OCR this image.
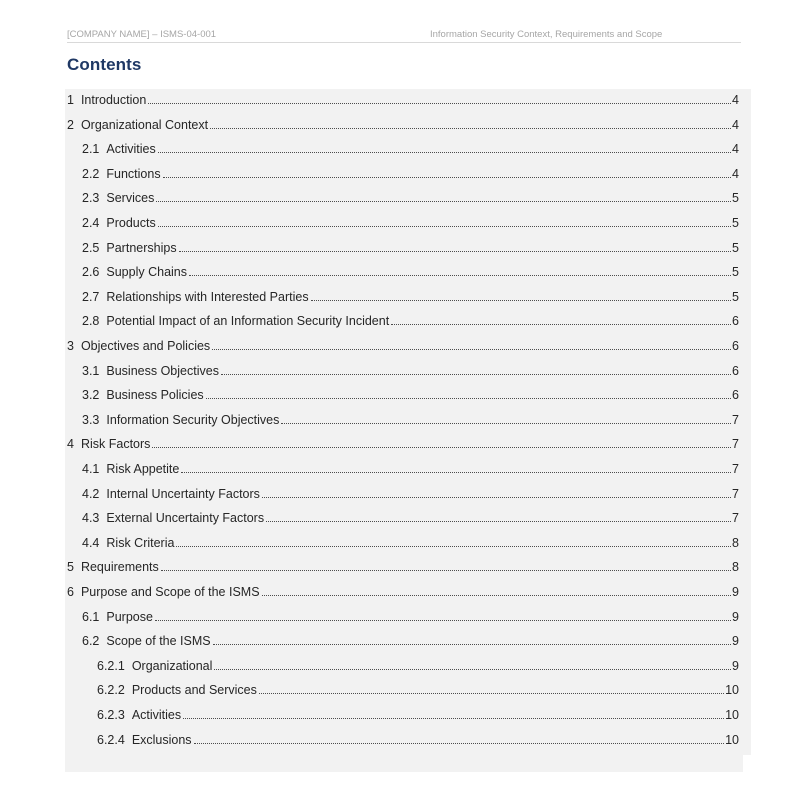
[COMPANY NAME] – ISMS-04-001	Information Security Context, Requirements and Scope
Contents
1 Introduction	4
2 Organizational Context	4
2.1 Activities	4
2.2 Functions	4
2.3 Services	5
2.4 Products	5
2.5 Partnerships	5
2.6 Supply Chains	5
2.7 Relationships with Interested Parties	5
2.8 Potential Impact of an Information Security Incident	6
3 Objectives and Policies	6
3.1 Business Objectives	6
3.2 Business Policies	6
3.3 Information Security Objectives	7
4 Risk Factors	7
4.1 Risk Appetite	7
4.2 Internal Uncertainty Factors	7
4.3 External Uncertainty Factors	7
4.4 Risk Criteria	8
5 Requirements	8
6 Purpose and Scope of the ISMS	9
6.1 Purpose	9
6.2 Scope of the ISMS	9
6.2.1 Organizational	9
6.2.2 Products and Services	10
6.2.3 Activities	10
6.2.4 Exclusions	10
